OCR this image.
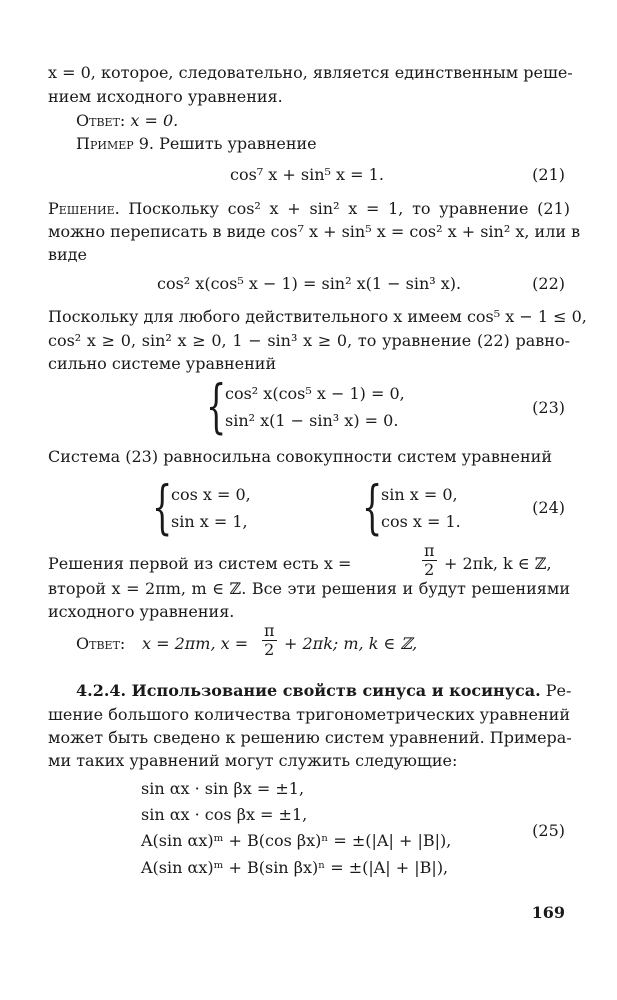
x = 0, которое, следовательно, является единственным реше-
нием исходного уравнения.
Ответ: x = 0.
Пример 9. Решить уравнение
cos⁷ x + sin⁵ x = 1.	(21)
Решение. Поскольку cos² x + sin² x = 1, то уравнение (21)
можно переписать в виде cos⁷ x + sin⁵ x = cos² x + sin² x, или в
виде
cos² x(cos⁵ x − 1) = sin² x(1 − sin³ x).	(22)
Поскольку для любого действительного x имеем cos⁵ x − 1 ≤ 0,
cos² x ≥ 0, sin² x ≥ 0, 1 − sin³ x ≥ 0, то уравнение (22) равно-
сильно системе уравнений
{
cos² x(cos⁵ x − 1) = 0,
sin² x(1 − sin³ x) = 0.
(23)
Система (23) равносильна совокупности систем уравнений
{
cos x = 0,
sin x = 1, {
sin x = 0,
cos x = 1.
(24)
Решения первой из систем есть x =	$\frac{\pi}{2} + 2\pi k$, k ∈ ℤ,
второй x = 2πm, m ∈ ℤ. Все эти решения и будут решениями
исходного уравнения.
Ответ: x = 2πm, $x = \frac{\pi}{2} + 2\pi k$; m, k ∈ ℤ,
4.2.4. Использование свойств синуса и косинуса. Ре-
шение большого количества тригонометрических уравнений
может быть сведено к решению систем уравнений. Примера-
ми таких уравнений могут служить следующие:
sin αx · sin βx = ±1,
sin αx · cos βx = ±1,
A(sin αx)ᵐ + B(cos βx)ⁿ = ±(|A| + |B|),
A(sin αx)ᵐ + B(sin βx)ⁿ = ±(|A| + |B|),
(25)
169
